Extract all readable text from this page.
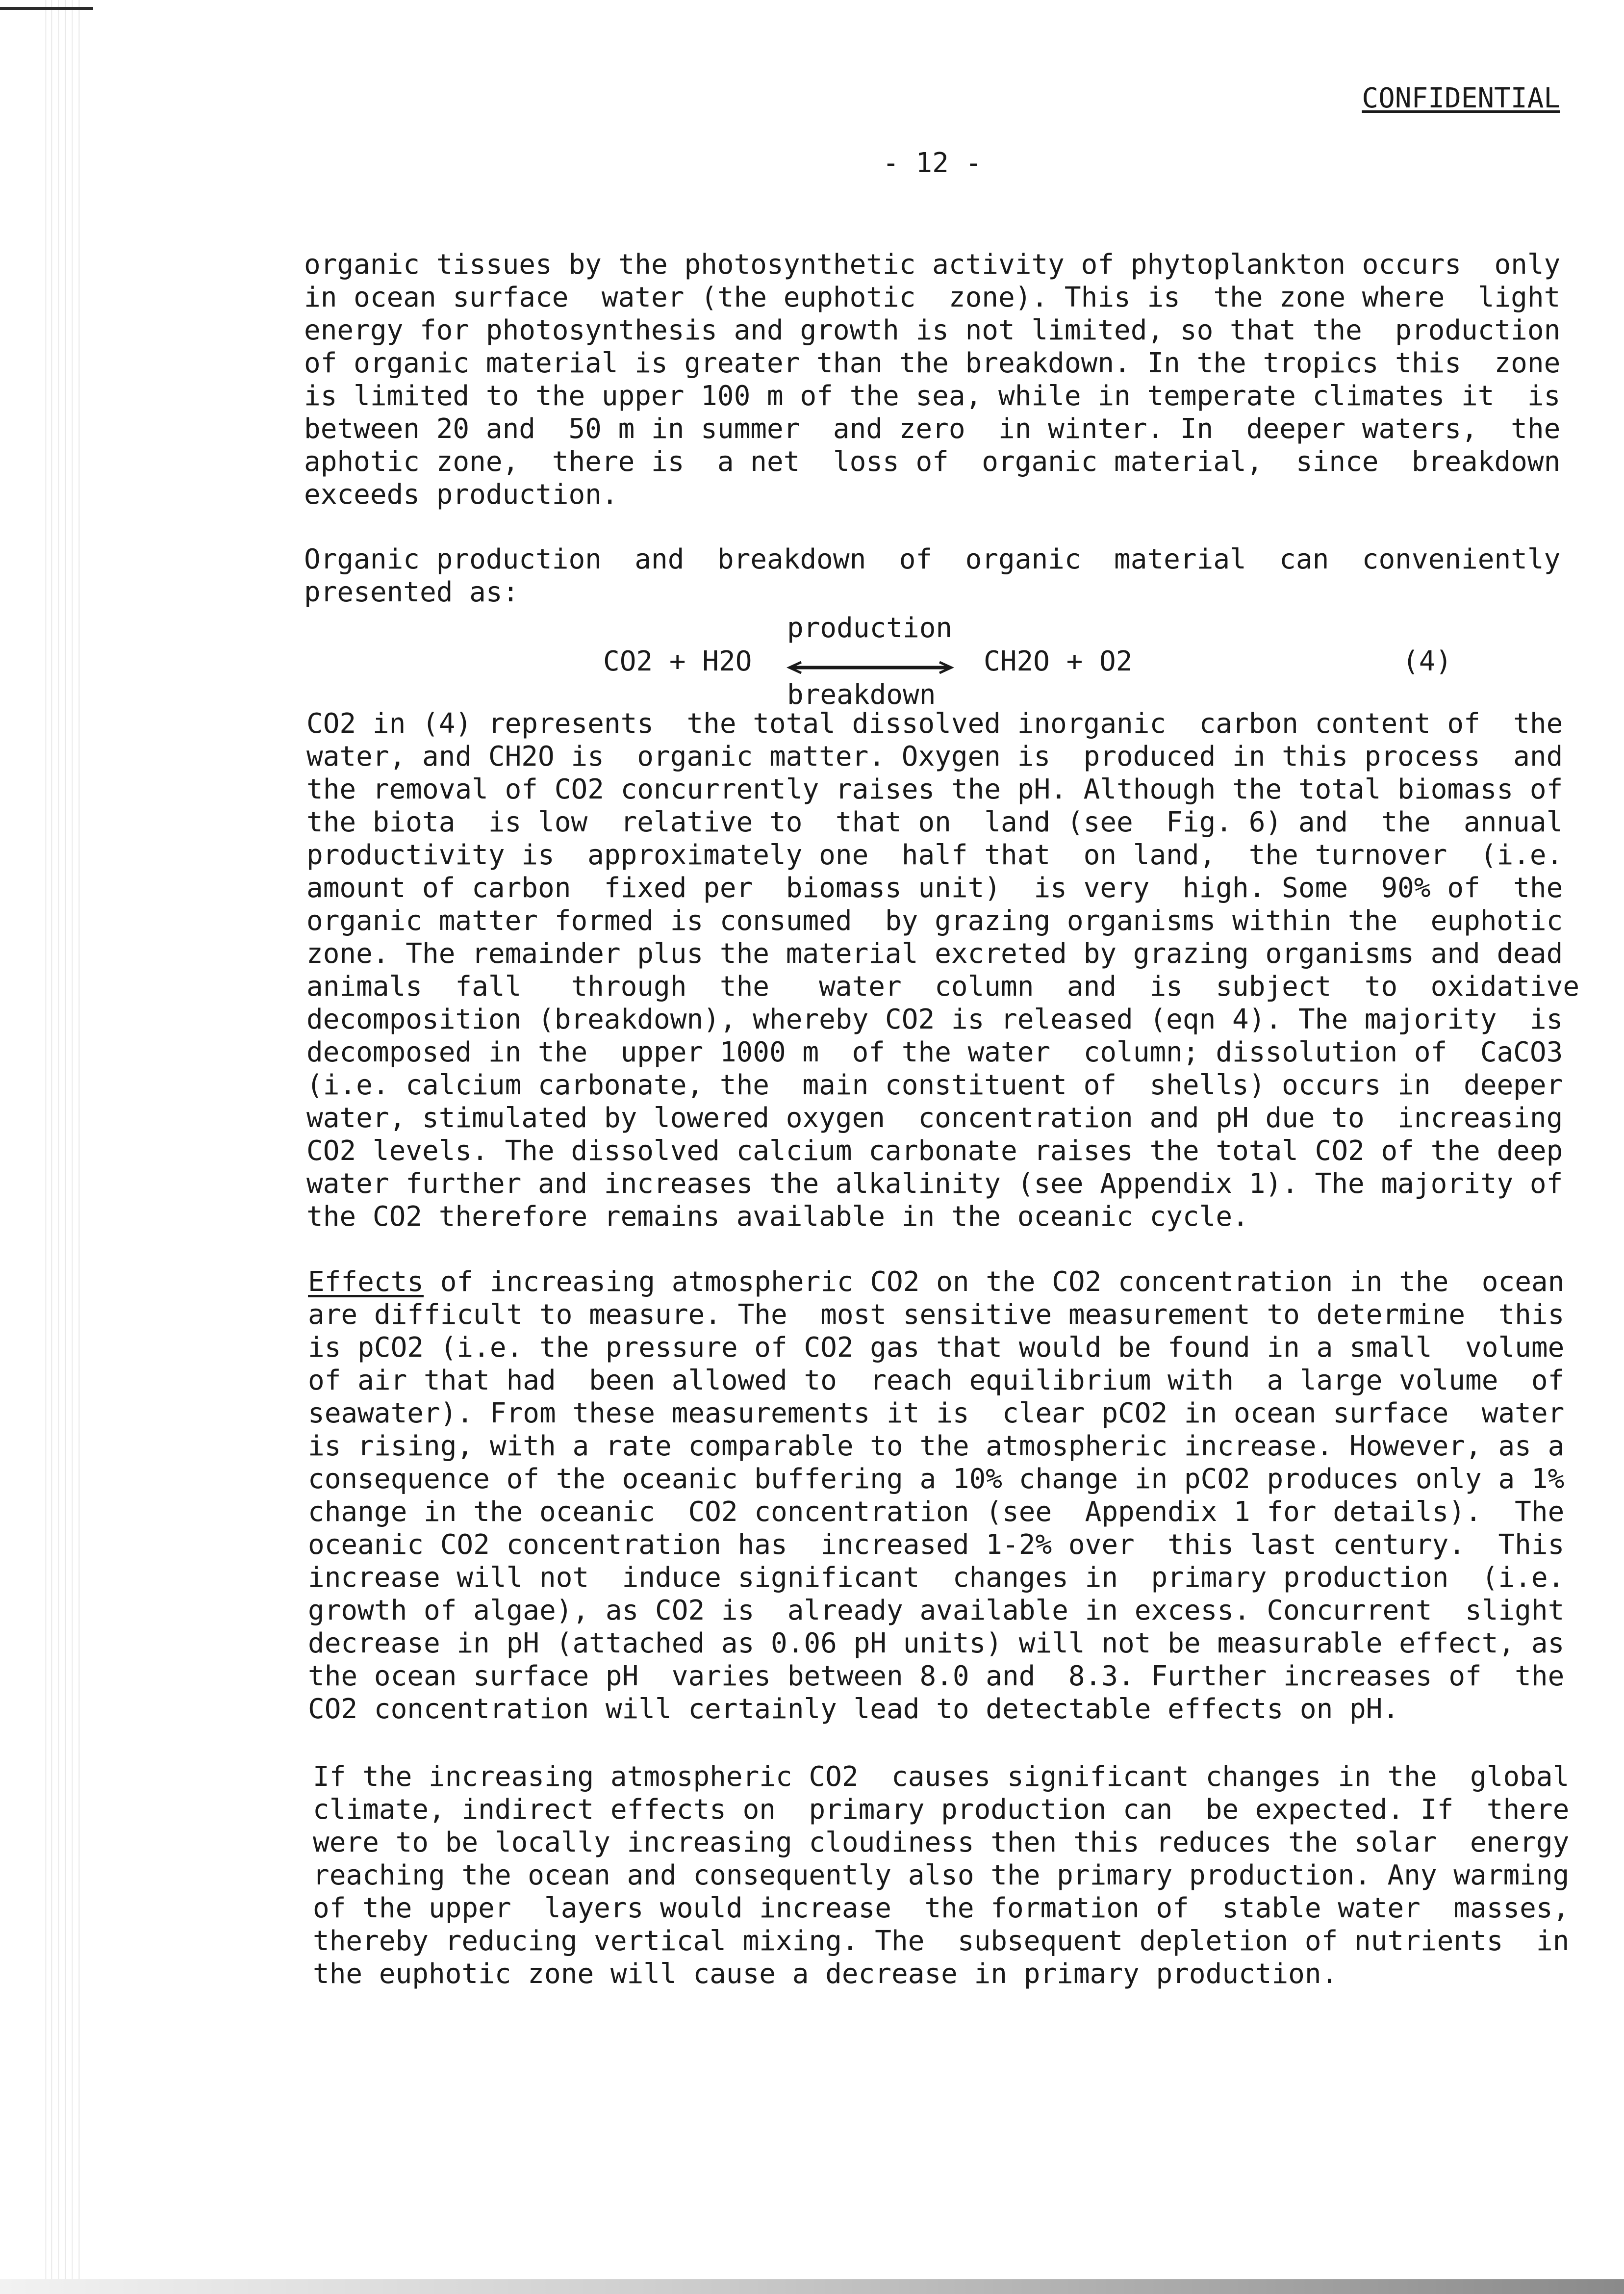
CONFIDENTIAL
- 12 -
organic tissues by the photosynthetic activity of phytoplankton occurs  only
in ocean surface  water (the euphotic  zone). This is  the zone where  light
energy for photosynthesis and growth is not limited, so that the  production
of organic material is greater than the breakdown. In the tropics this  zone
is limited to the upper 100 m of the sea, while in temperate climates it  is
between 20 and  50 m in summer  and zero  in winter. In  deeper waters,  the
aphotic zone,  there is  a net  loss of  organic material,  since  breakdown
exceeds production.
Organic production  and  breakdown  of  organic  material  can  conveniently
presented as:
production
CO2 + H2O	CH2O + O2	(4)
breakdown
CO2 in (4) represents  the total dissolved inorganic  carbon content of  the
water, and CH2O is  organic matter. Oxygen is  produced in this process  and
the removal of CO2 concurrently raises the pH. Although the total biomass of
the biota  is low  relative to  that on  land (see  Fig. 6) and  the  annual
productivity is  approximately one  half that  on land,  the turnover  (i.e.
amount of carbon  fixed per  biomass unit)  is very  high. Some  90% of  the
organic matter formed is consumed  by grazing organisms within the  euphotic
zone. The remainder plus the material excreted by grazing organisms and dead
animals  fall   through  the   water  column  and  is  subject  to  oxidative
decomposition (breakdown), whereby CO2 is released (eqn 4). The majority  is
decomposed in the  upper 1000 m  of the water  column; dissolution of  CaCO3
(i.e. calcium carbonate, the  main constituent of  shells) occurs in  deeper
water, stimulated by lowered oxygen  concentration and pH due to  increasing
CO2 levels. The dissolved calcium carbonate raises the total CO2 of the deep
water further and increases the alkalinity (see Appendix 1). The majority of
the CO2 therefore remains available in the oceanic cycle.
Effects of increasing atmospheric CO2 on the CO2 concentration in the  ocean
are difficult to measure. The  most sensitive measurement to determine  this
is pCO2 (i.e. the pressure of CO2 gas that would be found in a small  volume
of air that had  been allowed to  reach equilibrium with  a large volume  of
seawater). From these measurements it is  clear pCO2 in ocean surface  water
is rising, with a rate comparable to the atmospheric increase. However, as a
consequence of the oceanic buffering a 10% change in pCO2 produces only a 1%
change in the oceanic  CO2 concentration (see  Appendix 1 for details).  The
oceanic CO2 concentration has  increased 1-2% over  this last century.  This
increase will not  induce significant  changes in  primary production  (i.e.
growth of algae), as CO2 is  already available in excess. Concurrent  slight
decrease in pH (attached as 0.06 pH units) will not be measurable effect, as
the ocean surface pH  varies between 8.0 and  8.3. Further increases of  the
CO2 concentration will certainly lead to detectable effects on pH.
If the increasing atmospheric CO2  causes significant changes in the  global
climate, indirect effects on  primary production can  be expected. If  there
were to be locally increasing cloudiness then this reduces the solar  energy
reaching the ocean and consequently also the primary production. Any warming
of the upper  layers would increase  the formation of  stable water  masses,
thereby reducing vertical mixing. The  subsequent depletion of nutrients  in
the euphotic zone will cause a decrease in primary production.
